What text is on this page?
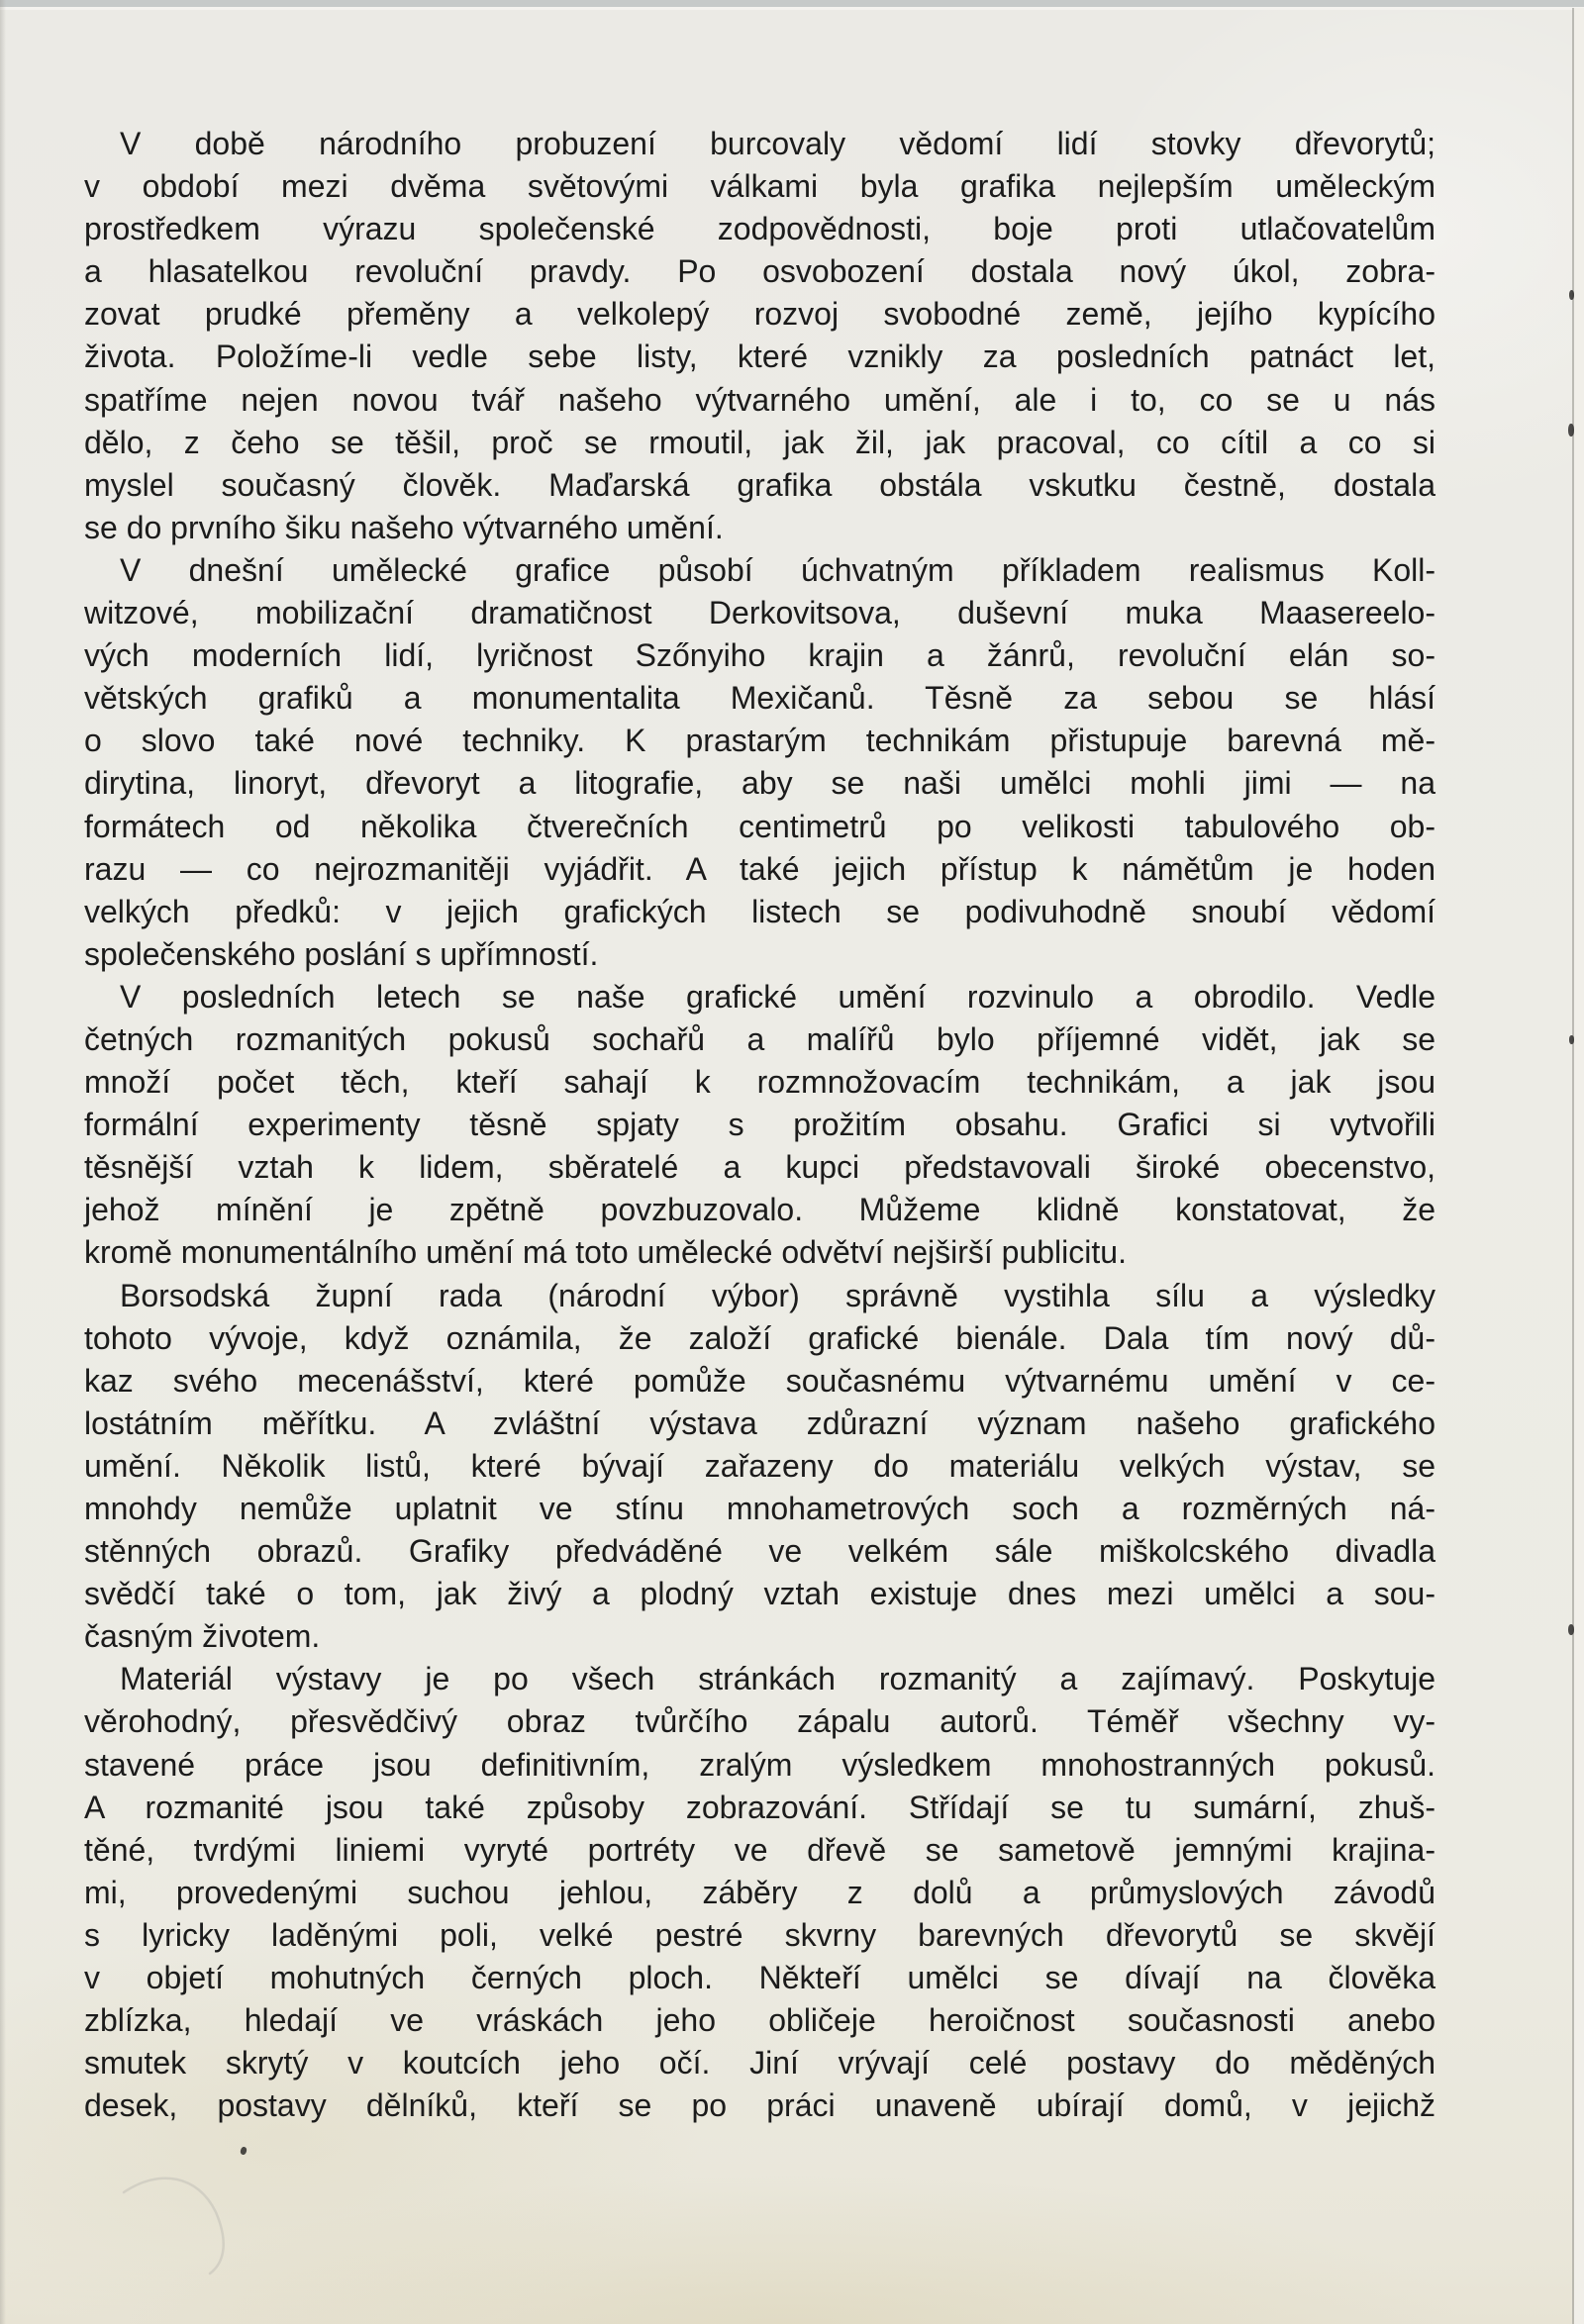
V době národního probuzení burcovaly vědomí lidí stovky dřevorytů;
v období mezi dvěma světovými válkami byla grafika nejlepším uměleckým
prostředkem výrazu společenské zodpovědnosti, boje proti utlačovatelům
a hlasatelkou revoluční pravdy. Po osvobození dostala nový úkol, zobra-
zovat prudké přeměny a velkolepý rozvoj svobodné země, jejího kypícího
života. Položíme-li vedle sebe listy, které vznikly za posledních patnáct let,
spatříme nejen novou tvář našeho výtvarného umění, ale i to, co se u nás
dělo, z čeho se těšil, proč se rmoutil, jak žil, jak pracoval, co cítil a co si
myslel současný člověk. Maďarská grafika obstála vskutku čestně, dostala
se do prvního šiku našeho výtvarného umění.
V dnešní umělecké grafice působí úchvatným příkladem realismus Koll-
witzové, mobilizační dramatičnost Derkovitsova, duševní muka Maasereelo-
vých moderních lidí, lyričnost Szőnyiho krajin a žánrů, revoluční elán so-
větských grafiků a monumentalita Mexičanů. Těsně za sebou se hlásí
o slovo také nové techniky. K prastarým technikám přistupuje barevná mě-
dirytina, linoryt, dřevoryt a litografie, aby se naši umělci mohli jimi — na
formátech od několika čtverečních centimetrů po velikosti tabulového ob-
razu — co nejrozmanitěji vyjádřit. A také jejich přístup k námětům je hoden
velkých předků: v jejich grafických listech se podivuhodně snoubí vědomí
společenského poslání s upřímností.
V posledních letech se naše grafické umění rozvinulo a obrodilo. Vedle
četných rozmanitých pokusů sochařů a malířů bylo příjemné vidět, jak se
množí počet těch, kteří sahají k rozmnožovacím technikám, a jak jsou
formální experimenty těsně spjaty s prožitím obsahu. Grafici si vytvořili
těsnější vztah k lidem, sběratelé a kupci představovali široké obecenstvo,
jehož mínění je zpětně povzbuzovalo. Můžeme klidně konstatovat, že
kromě monumentálního umění má toto umělecké odvětví nejširší publicitu.
Borsodská župní rada (národní výbor) správně vystihla sílu a výsledky
tohoto vývoje, když oznámila, že založí grafické bienále. Dala tím nový dů-
kaz svého mecenášství, které pomůže současnému výtvarnému umění v ce-
lostátním měřítku. A zvláštní výstava zdůrazní význam našeho grafického
umění. Několik listů, které bývají zařazeny do materiálu velkých výstav, se
mnohdy nemůže uplatnit ve stínu mnohametrových soch a rozměrných ná-
stěnných obrazů. Grafiky předváděné ve velkém sále miškolcského divadla
svědčí také o tom, jak živý a plodný vztah existuje dnes mezi umělci a sou-
časným životem.
Materiál výstavy je po všech stránkách rozmanitý a zajímavý. Poskytuje
věrohodný, přesvědčivý obraz tvůrčího zápalu autorů. Téměř všechny vy-
stavené práce jsou definitivním, zralým výsledkem mnohostranných pokusů.
A rozmanité jsou také způsoby zobrazování. Střídají se tu sumární, zhuš-
těné, tvrdými liniemi vyryté portréty ve dřevě se sametově jemnými krajina-
mi, provedenými suchou jehlou, záběry z dolů a průmyslových závodů
s lyricky laděnými poli, velké pestré skvrny barevných dřevorytů se skvějí
v objetí mohutných černých ploch. Někteří umělci se dívají na člověka
zblízka, hledají ve vráskách jeho obličeje heroičnost současnosti anebo
smutek skrytý v koutcích jeho očí. Jiní vrývají celé postavy do měděných
desek, postavy dělníků, kteří se po práci unaveně ubírají domů, v jejichž
